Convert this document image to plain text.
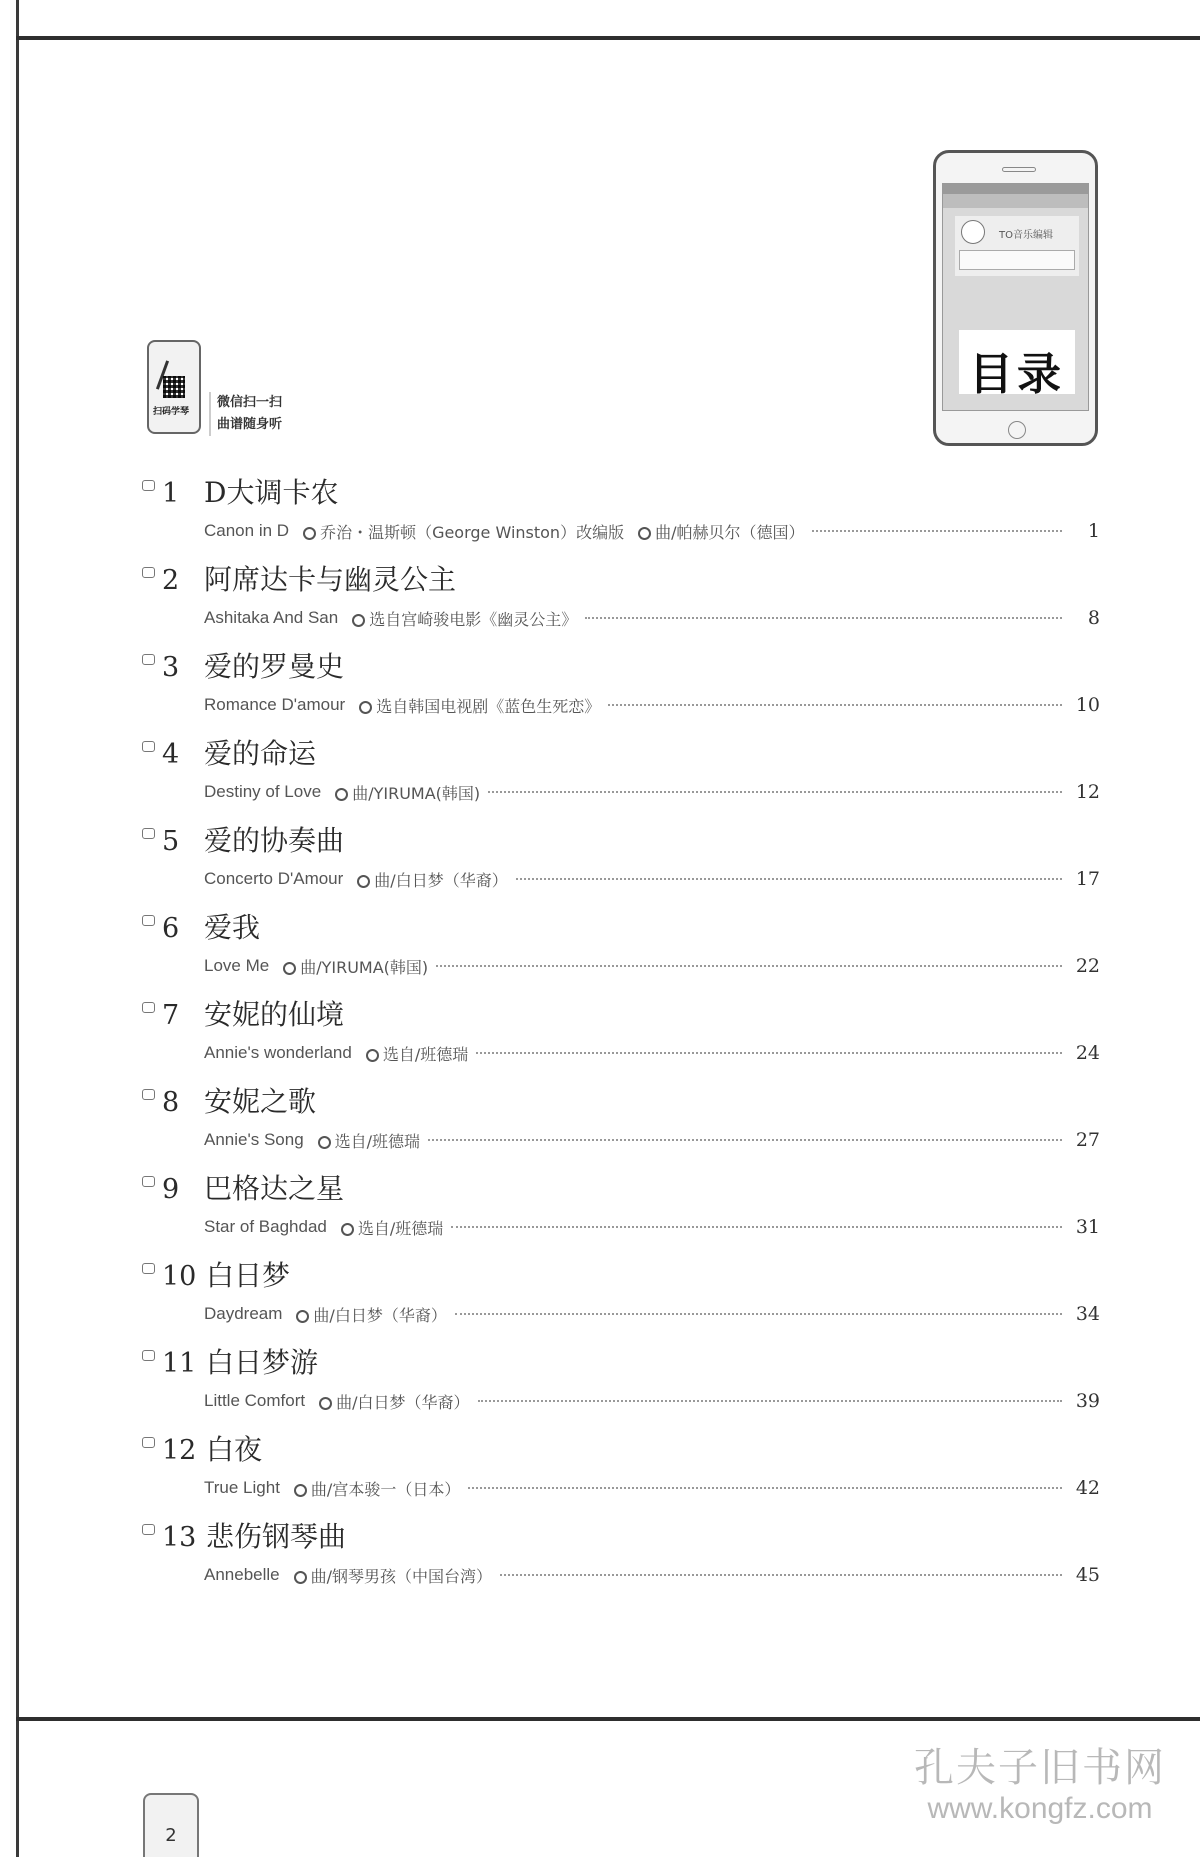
TO音乐编辑
目录
扫码学琴
微信扫一扫
曲谱随身听
1 D大调卡农
Canon in D	乔治・温斯顿（George Winston）改编版	曲/帕赫贝尔（德国）	1
2 阿席达卡与幽灵公主
Ashitaka And San	选自宫崎骏电影《幽灵公主》	8
3 爱的罗曼史
Romance D'amour	选自韩国电视剧《蓝色生死恋》	10
4 爱的命运
Destiny of Love	曲/YIRUMA(韩国)	12
5 爱的协奏曲
Concerto D'Amour	曲/白日梦（华裔）	17
6 爱我
Love Me	曲/YIRUMA(韩国)	22
7 安妮的仙境
Annie's wonderland	选自/班德瑞	24
8 安妮之歌
Annie's Song	选自/班德瑞	27
9 巴格达之星
Star of Baghdad	选自/班德瑞	31
10 白日梦
Daydream	曲/白日梦（华裔）	34
11 白日梦游
Little Comfort	曲/白日梦（华裔）	39
12 白夜
True Light	曲/宫本骏一（日本）	42
13 悲伤钢琴曲
Annebelle	曲/钢琴男孩（中国台湾）	45
2
孔夫子旧书网
www.kongfz.com
